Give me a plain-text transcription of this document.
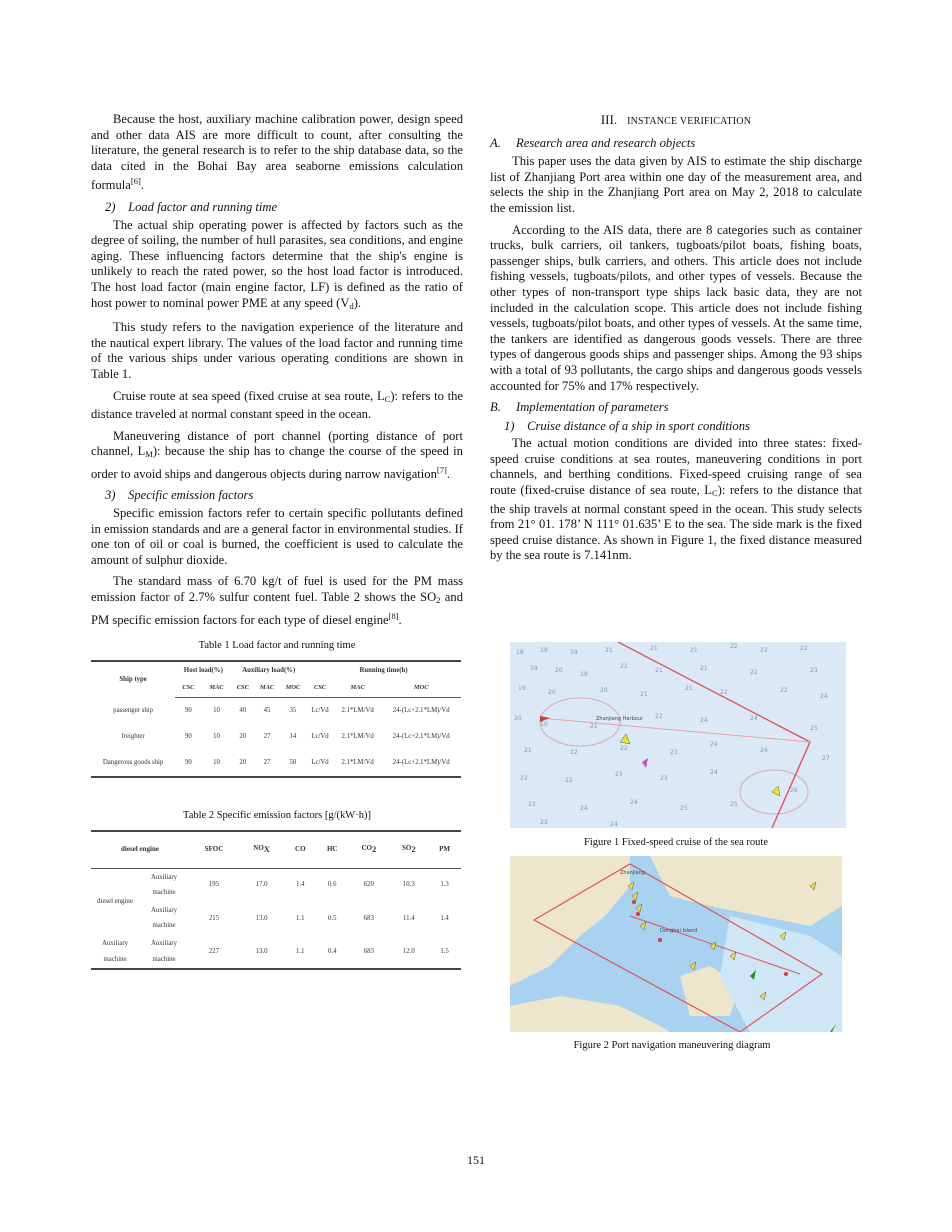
Because the host, auxiliary machine calibration power, design speed and other data AIS are more difficult to count, after consulting the literature, the general research is to refer to the ship database data, so the data cited in the Bohai Bay area seaborne emissions calculation formula[6].
2) Load factor and running time
The actual ship operating power is affected by factors such as the degree of soiling, the number of hull parasites, sea conditions, and engine aging. These influencing factors determine that the ship's engine is unlikely to reach the rated power, so the host load factor is introduced. The host load factor (main engine factor, LF) is defined as the ratio of host power to nominal power PME at any speed $(V_d)$.
This study refers to the navigation experience of the literature and the nautical expert library. The values of the load factor and running time of the various ships under various operating conditions are shown in Table 1.
Cruise route at sea speed (fixed cruise at sea route, $L_C$): refers to the distance traveled at normal constant speed in the ocean.
Maneuvering distance of port channel (porting distance of port channel, $L_M$): because the ship has to change the course of the speed in order to avoid ships and dangerous objects during narrow navigation[7].
3) Specific emission factors
Specific emission factors refer to certain specific pollutants defined in emission standards and are a general factor in environmental studies. If one ton of oil or coal is burned, the coefficient is used to calculate the amount of sulphur dioxide.
The standard mass of 6.70 kg/t of fuel is used for the PM mass emission factor of 2.7% sulfur content fuel. Table 2 shows the $SO_2$ and PM specific emission factors for each type of diesel engine[8].
Table 1 Load factor and running time
Ship type	Host load(%)		Auxiliary load(%)			Running time(h)		
	CSC	MAC	CSC	MAC	MOC	CSC	MAC	MOC
passenger ship	90	10	40	45	35	Lc/Vd	2.1*LM/Vd	24-(Lc+2.1*LM)/Vd
freighter	90	10	20	27	14	Lc/Vd	2.1*LM/Vd	24-(Lc+2.1*LM)/Vd
Dangerous goods ship	90	10	20	27	50	Lc/Vd	2.1*LM/Vd	24-(Lc+2.1*LM)/Vd
Table 2 Specific emission factors [g/(kW·h)]
diesel engine		SFOC	NOX	CO	HC	CO2	SO2	PM
diesel engine	Auxiliary machine	195	17.0	1.4	0.6	620	10.3	1.3
	Auxiliary machine	215	13.0	1.1	0.5	683	11.4	1.4
Auxiliary machine	Auxiliary machine	227	13.0	1.1	0.4	683	12.0	1.5
III. INSTANCE VERIFICATION
A. Research area and research objects
This paper uses the data given by AIS to estimate the ship discharge list of Zhanjiang Port area within one day of the measurement area, and selects the ship in the Zhanjiang Port area on May 2, 2018 to calculate the emission list.
According to the AIS data, there are 8 categories such as container trucks, bulk carriers, oil tankers, tugboats/pilot boats, fishing boats, passenger ships, bulk carriers, and others. This article does not include fishing vessels, tugboats/pilots, and other types of vessels. Because the other types of non-transport type ships lack basic data, they are not included in the calculation scope. This article does not include fishing vessels, tugboats/pilot boats, and other types of vessels. At the same time, the tankers are identified as dangerous goods vessels. There are three types of dangerous goods ships and passenger ships. Among the 93 ships with a total of 93 pollutants, the cargo ships and dangerous goods vessels accounted for 75% and 17% respectively.
B. Implementation of parameters
1) Cruise distance of a ship in sport conditions
The actual motion conditions are divided into three states: fixed-speed cruise conditions at sea routes, maneuvering conditions in port channels, and berthing conditions. Fixed-speed cruising range of sea route (fixed-cruise distance of sea route, $L_C$): refers to the distance that the ship travels at normal constant speed in the ocean. This study selects from 21° 01. 178’ N 111° 01.635’ E to the sea. The side mark is the fixed speed cruise distance. As shown in Figure 1, the fixed distance measured by the sea route is 7.141nm.
18	19	19	21	21	21
22
22	22
19	20
19
21
21	21
22	23
19
20	20
21
21
22	22
24
20
20	21
22
24	24
25
21	22
22
23
24
24
27
22	22
23
23
24
23
24
24
25
25
26
23	24
Zhanjiang Harbour
Figure 1 Fixed-speed cruise of the sea route
Zhanjiang
Donghai Island
Figure 2 Port navigation maneuvering diagram
151
